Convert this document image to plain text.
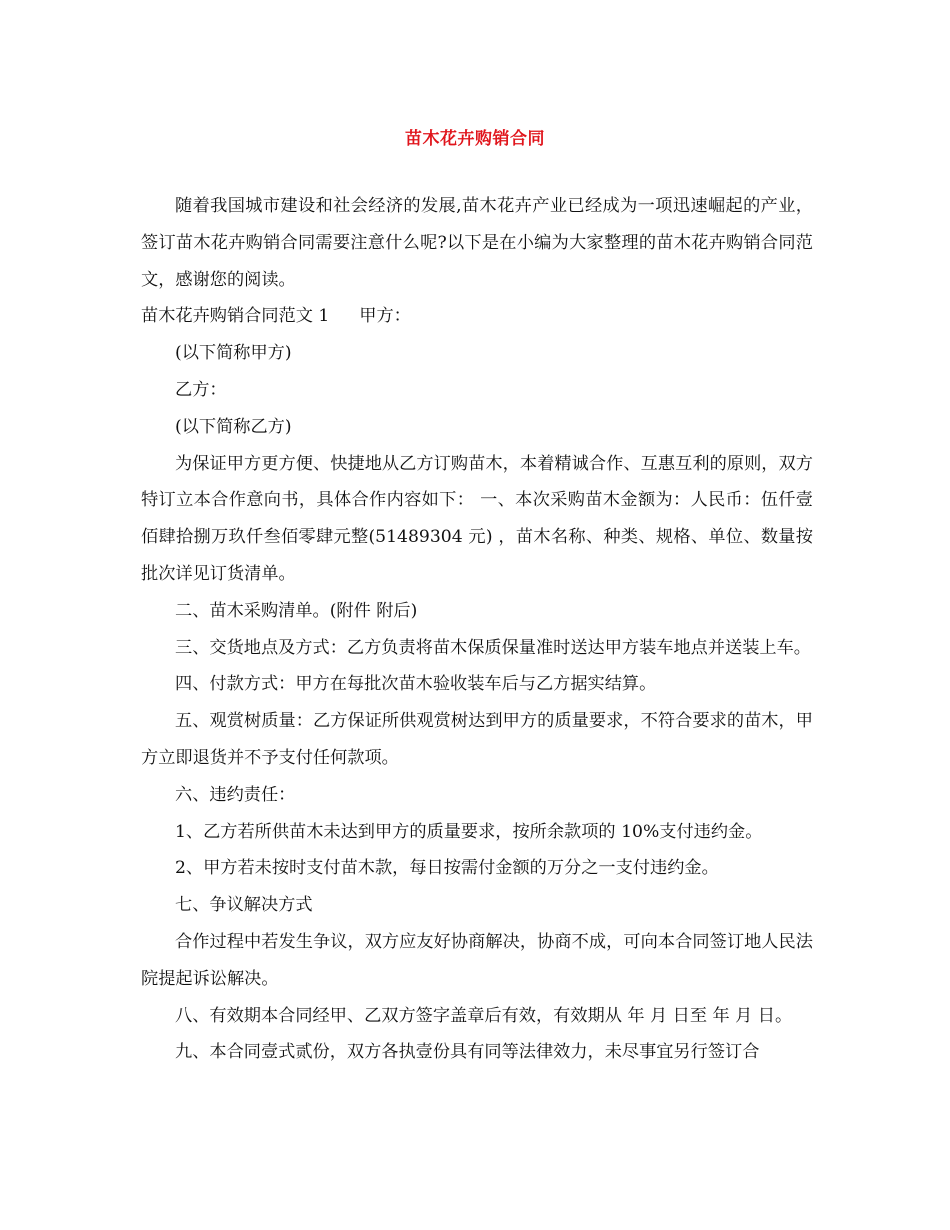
苗木花卉购销合同

随着我国城市建设和社会经济的发展,苗木花卉产业已经成为一项迅速崛起的产业，签订苗木花卉购销合同需要注意什么呢?以下是在小编为大家整理的苗木花卉购销合同范文，感谢您的阅读。

苗木花卉购销合同范文 1 甲方：

(以下简称甲方)

乙方：

(以下简称乙方)

为保证甲方更方便、快捷地从乙方订购苗木，本着精诚合作、互惠互利的原则，双方特订立本合作意向书，具体合作内容如下： 一、本次采购苗木金额为：人民币：伍仟壹佰肆拾捌万玖仟叁佰零肆元整(51489304 元) ，苗木名称、种类、规格、单位、数量按批次详见订货清单。

二、苗木采购清单。(附件 附后)

三、交货地点及方式：乙方负责将苗木保质保量准时送达甲方装车地点并送装上车。

四、付款方式：甲方在每批次苗木验收装车后与乙方据实结算。

五、观赏树质量：乙方保证所供观赏树达到甲方的质量要求，不符合要求的苗木，甲方立即退货并不予支付任何款项。

六、违约责任：

1、乙方若所供苗木未达到甲方的质量要求，按所余款项的 10%支付违约金。

2、甲方若未按时支付苗木款，每日按需付金额的万分之一支付违约金。

七、争议解决方式

合作过程中若发生争议，双方应友好协商解决，协商不成，可向本合同签订地人民法院提起诉讼解决。

八、有效期本合同经甲、乙双方签字盖章后有效，有效期从 年 月 日至 年 月 日。

九、本合同壹式贰份，双方各执壹份具有同等法律效力，未尽事宜另行签订合
